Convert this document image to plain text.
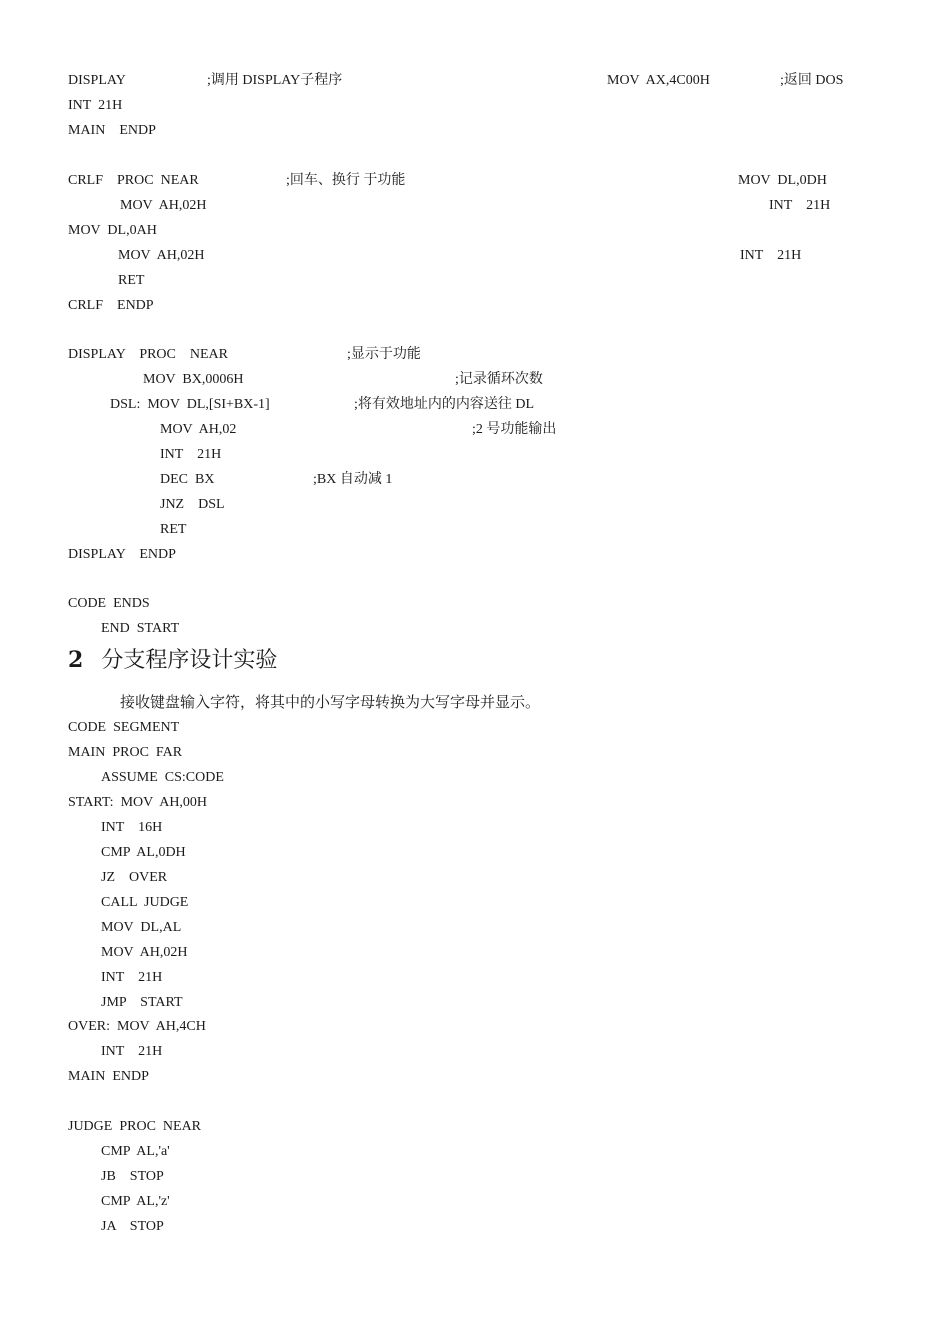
DISPLAY	;调用 DISPLAY子程序	MOV  AX,4C00H	;返回 DOS
INT  21H
MAIN    ENDP
CRLF    PROC  NEAR	;回车、换行 于功能	MOV  DL,0DH
MOV  AH,02H	INT    21H
MOV  DL,0AH
MOV  AH,02H	INT    21H
RET
CRLF    ENDP
DISPLAY    PROC    NEAR	;显示于功能
MOV  BX,0006H	;记录循环次数
DSL:  MOV  DL,[SI+BX-1]	;将有效地址内的内容送往 DL
MOV  AH,02	;2 号功能输出
INT    21H
DEC  BX	;BX 自动减 1
JNZ    DSL
RET
DISPLAY    ENDP
CODE  ENDS
END  START
2 分支程序设计实验
接收键盘输入字符，将其中的小写字母转换为大写字母并显示。
CODE  SEGMENT
MAIN  PROC  FAR
ASSUME  CS:CODE
START:  MOV  AH,00H
INT    16H
CMP  AL,0DH
JZ    OVER
CALL  JUDGE
MOV  DL,AL
MOV  AH,02H
INT    21H
JMP    START
OVER:  MOV  AH,4CH
INT    21H
MAIN  ENDP
JUDGE  PROC  NEAR
CMP  AL,'a'
JB    STOP
CMP  AL,'z'
JA    STOP
